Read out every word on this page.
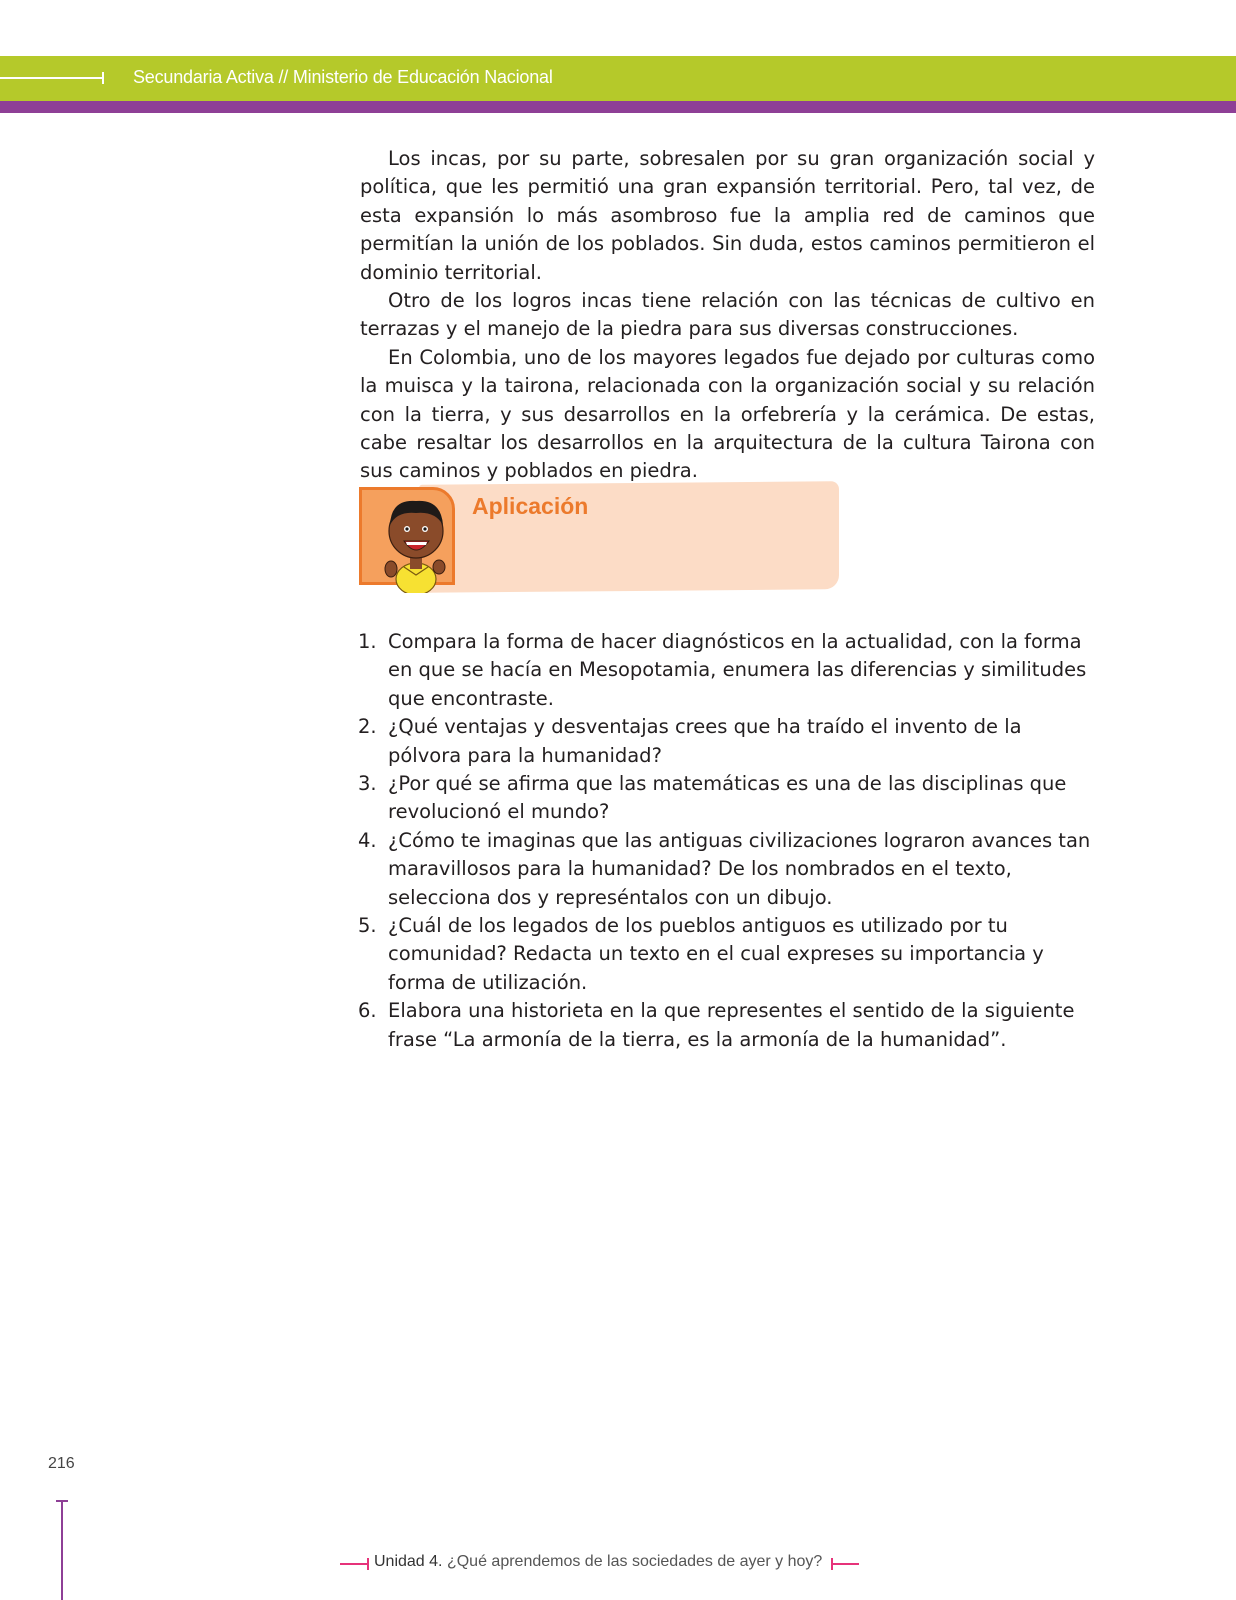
Secundaria Activa // Ministerio de Educación Nacional

Los incas, por su parte, sobresalen por su gran organización social y política, que les permitió una gran expansión territorial. Pero, tal vez, de esta expansión lo más asombroso fue la amplia red de caminos que permitían la unión de los poblados. Sin duda, estos caminos permitieron el dominio territorial.

Otro de los logros incas tiene relación con las técnicas de cultivo en terrazas y el manejo de la piedra para sus diversas construcciones.

En Colombia, uno de los mayores legados fue dejado por culturas como la muisca y la tairona, relacionada con la organización social y su relación con la tierra, y sus desarrollos en la orfebrería y la cerámica. De estas, cabe resaltar los desarrollos en la arquitectura de la cultura Tairona con sus caminos y poblados en piedra.

Aplicación
1. Compara la forma de hacer diagnósticos en la actualidad, con la forma en que se hacía en Mesopotamia, enumera las diferencias y similitudes que encontraste.
2. ¿Qué ventajas y desventajas crees que ha traído el invento de la pólvora para la humanidad?
3. ¿Por qué se afirma que las matemáticas es una de las disciplinas que revolucionó el mundo?
4. ¿Cómo te imaginas que las antiguas civilizaciones lograron avances tan maravillosos para la humanidad? De los nombrados en el texto, selecciona dos y represéntalos con un dibujo.
5. ¿Cuál de los legados de los pueblos antiguos es utilizado por tu comunidad? Redacta un texto en el cual expreses su importancia y forma de utilización.
6. Elabora una historieta en la que representes el sentido de la siguiente frase “La armonía de la tierra, es la armonía de la humanidad”.
216
Unidad 4. ¿Qué aprendemos de las sociedades de ayer y hoy?
